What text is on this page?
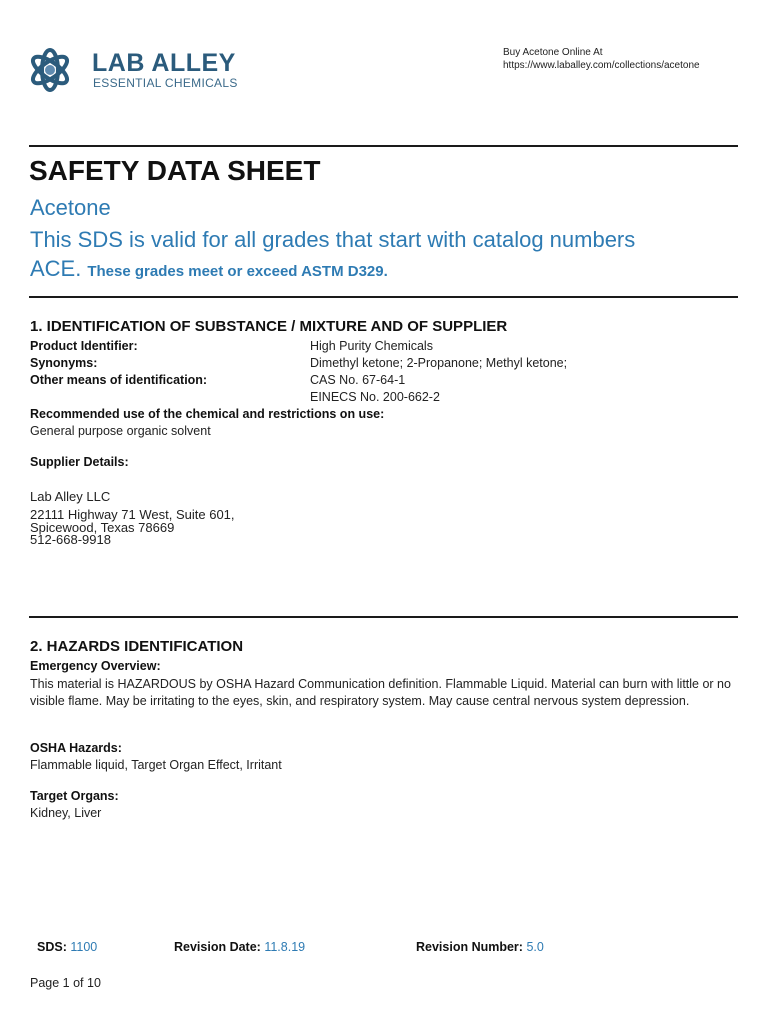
LAB ALLEY
ESSENTIAL CHEMICALS
Buy Acetone Online At
https://www.laballey.com/collections/acetone
SAFETY DATA SHEET
Acetone
This SDS is valid for all grades that start with catalog numbers
ACE. These grades meet or exceed ASTM D329.
1. IDENTIFICATION OF SUBSTANCE / MIXTURE AND OF SUPPLIER
Product Identifier:	High Purity Chemicals
Synonyms:	Dimethyl ketone; 2-Propanone; Methyl ketone;
Other means of identification:	CAS No. 67-64-1
EINECS No. 200-662-2
Recommended use of the chemical and restrictions on use:
General purpose organic solvent
Supplier Details:
Lab Alley LLC
22111 Highway 71 West, Suite 601,
Spicewood, Texas 78669
512-668-9918
2. HAZARDS IDENTIFICATION
Emergency Overview:
This material is HAZARDOUS by OSHA Hazard Communication definition. Flammable Liquid. Material can burn with little or no visible flame. May be irritating to the eyes, skin, and respiratory system. May cause central nervous system depression.
OSHA Hazards:
Flammable liquid, Target Organ Effect, Irritant
Target Organs:
Kidney, Liver
SDS: 1100	Revision Date: 11.8.19	Revision Number: 5.0
Page 1 of 10
